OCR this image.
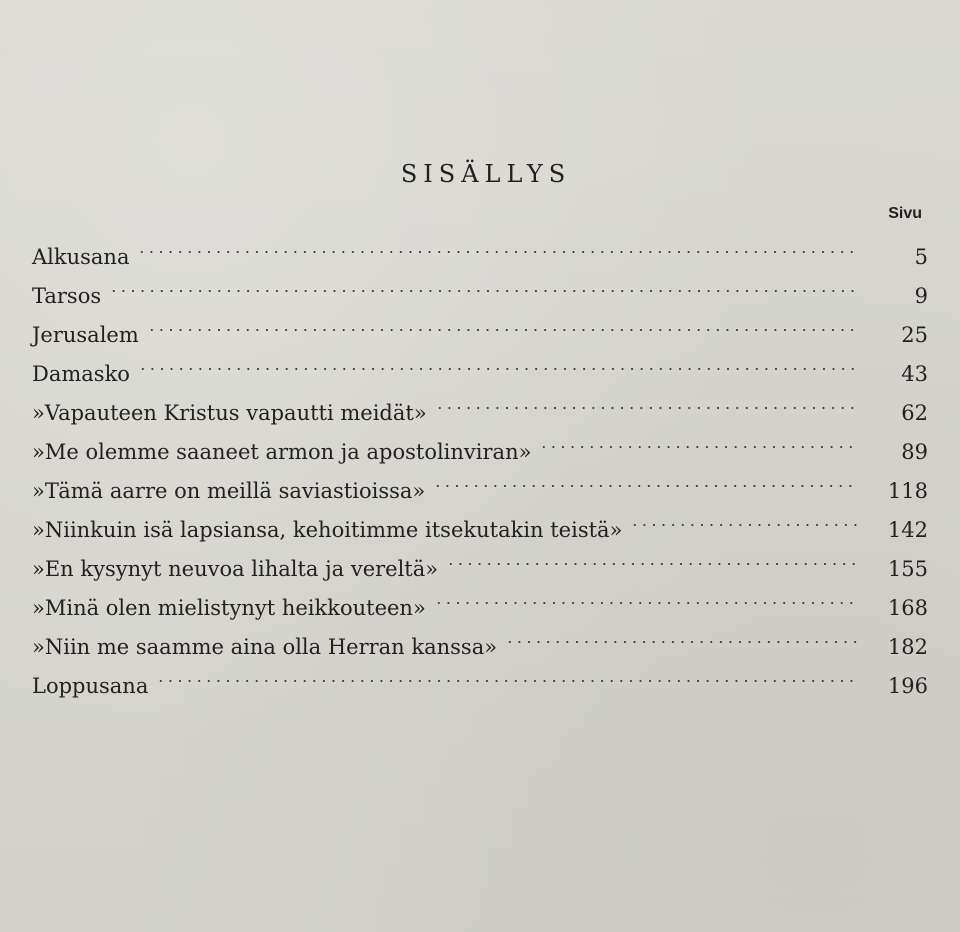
SISÄLLYS
Sivu
Alkusana	5
Tarsos	9
Jerusalem	25
Damasko	43
»Vapauteen Kristus vapautti meidät»	62
»Me olemme saaneet armon ja apostolinviran»	89
»Tämä aarre on meillä saviastioissa»	118
»Niinkuin isä lapsiansa, kehoitimme itsekutakin teistä»	142
»En kysynyt neuvoa lihalta ja vereltä»	155
»Minä olen mielistynyt heikkouteen»	168
»Niin me saamme aina olla Herran kanssa»	182
Loppusana	196
